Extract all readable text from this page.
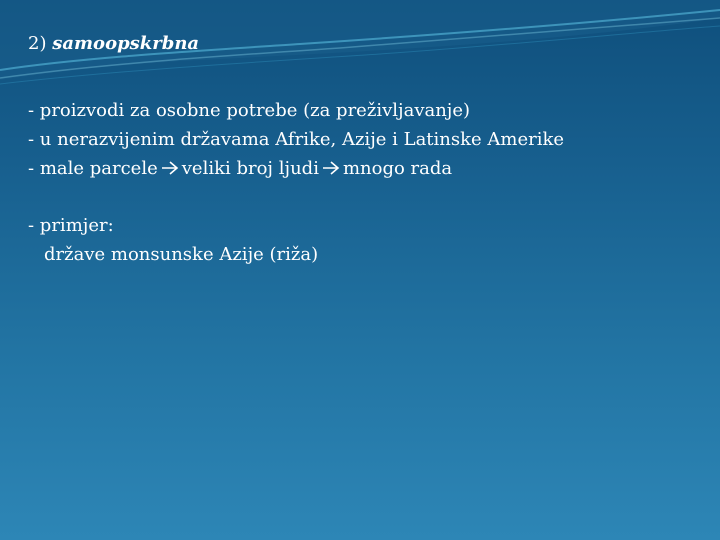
2) samoopskrbna
- proizvodi za osobne potrebe (za preživljavanje)
- u nerazvijenim državama Afrike, Azije i Latinske Amerike
- male parcele veliki broj ljudi mnogo rada
- primjer:
države monsunske Azije (riža)
